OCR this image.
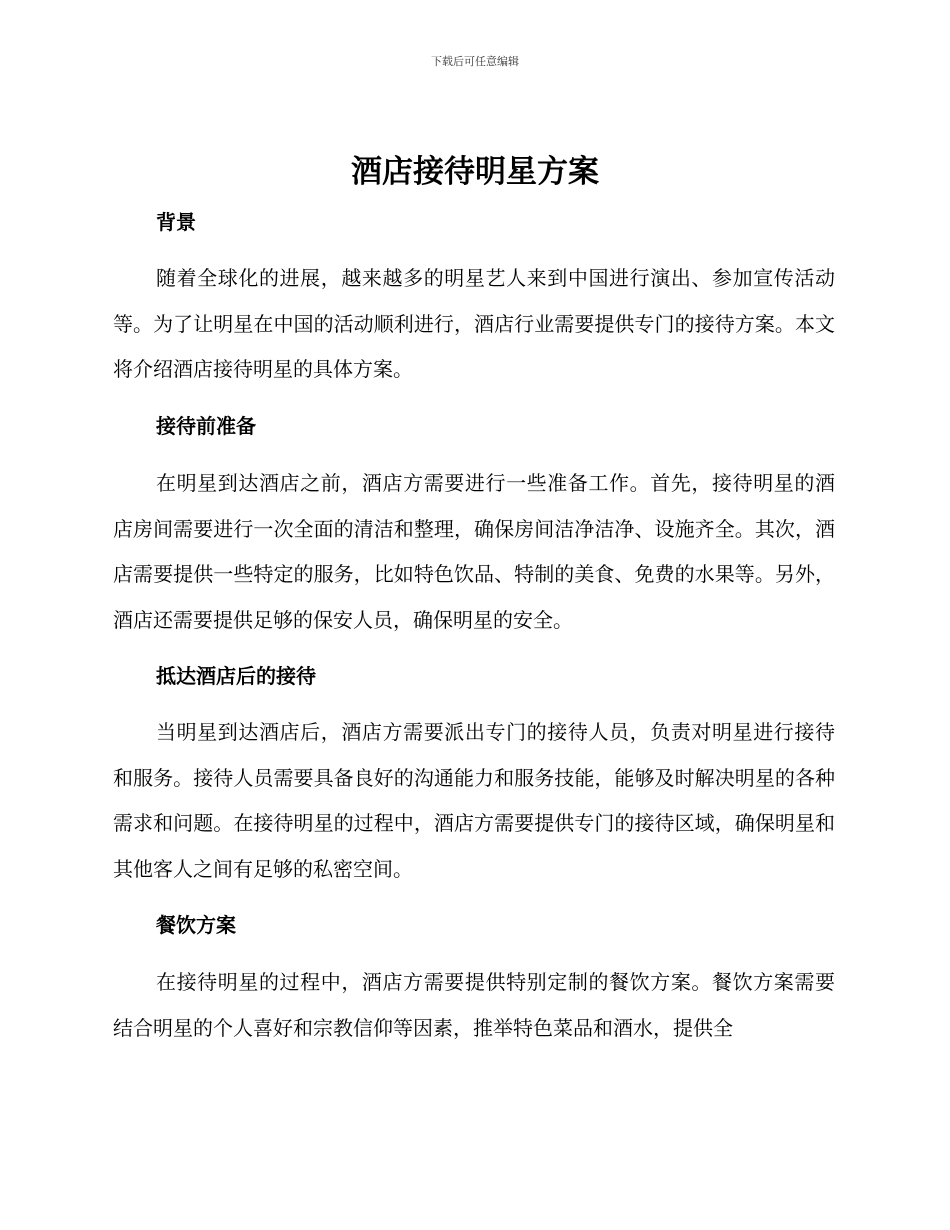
下载后可任意编辑
酒店接待明星方案
背景

随着全球化的进展，越来越多的明星艺人来到中国进行演出、参加宣传活动等。为了让明星在中国的活动顺利进行，酒店行业需要提供专门的接待方案。本文将介绍酒店接待明星的具体方案。

接待前准备

在明星到达酒店之前，酒店方需要进行一些准备工作。首先，接待明星的酒店房间需要进行一次全面的清洁和整理，确保房间洁净洁净、设施齐全。其次，酒店需要提供一些特定的服务，比如特色饮品、特制的美食、免费的水果等。另外，酒店还需要提供足够的保安人员，确保明星的安全。

抵达酒店后的接待

当明星到达酒店后，酒店方需要派出专门的接待人员，负责对明星进行接待和服务。接待人员需要具备良好的沟通能力和服务技能，能够及时解决明星的各种需求和问题。在接待明星的过程中，酒店方需要提供专门的接待区域，确保明星和其他客人之间有足够的私密空间。

餐饮方案

在接待明星的过程中，酒店方需要提供特别定制的餐饮方案。餐饮方案需要结合明星的个人喜好和宗教信仰等因素，推举特色菜品和酒水，提供全
